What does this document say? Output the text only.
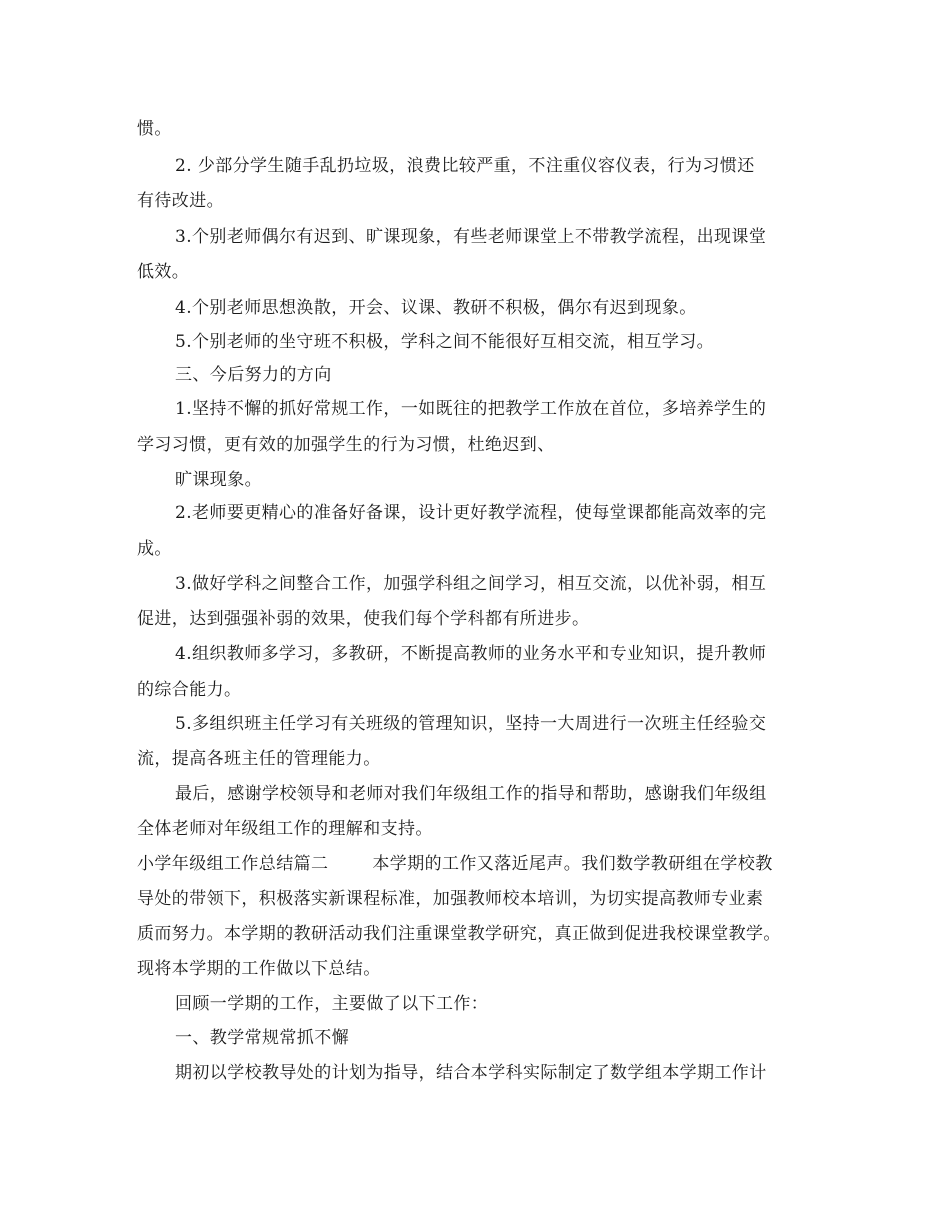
惯。
2. 少部分学生随手乱扔垃圾，浪费比较严重，不注重仪容仪表，行为习惯还
有待改进。
3.个别老师偶尔有迟到、旷课现象，有些老师课堂上不带教学流程，出现课堂
低效。
4.个别老师思想涣散，开会、议课、教研不积极，偶尔有迟到现象。
5.个别老师的坐守班不积极，学科之间不能很好互相交流，相互学习。
三、今后努力的方向
1.坚持不懈的抓好常规工作，一如既往的把教学工作放在首位，多培养学生的
学习习惯，更有效的加强学生的行为习惯，杜绝迟到、
旷课现象。
2.老师要更精心的准备好备课，设计更好教学流程，使每堂课都能高效率的完
成。
3.做好学科之间整合工作，加强学科组之间学习，相互交流，以优补弱，相互
促进，达到强强补弱的效果，使我们每个学科都有所进步。
4.组织教师多学习，多教研，不断提高教师的业务水平和专业知识，提升教师
的综合能力。
5.多组织班主任学习有关班级的管理知识，坚持一大周进行一次班主任经验交
流，提高各班主任的管理能力。
最后，感谢学校领导和老师对我们年级组工作的指导和帮助，感谢我们年级组
全体老师对年级组工作的理解和支持。
小学年级组工作总结篇二	本学期的工作又落近尾声。我们数学教研组在学校教
导处的带领下，积极落实新课程标准，加强教师校本培训，为切实提高教师专业素
质而努力。本学期的教研活动我们注重课堂教学研究，真正做到促进我校课堂教学。
现将本学期的工作做以下总结。
回顾一学期的工作，主要做了以下工作：
一、教学常规常抓不懈
期初以学校教导处的计划为指导，结合本学科实际制定了数学组本学期工作计
